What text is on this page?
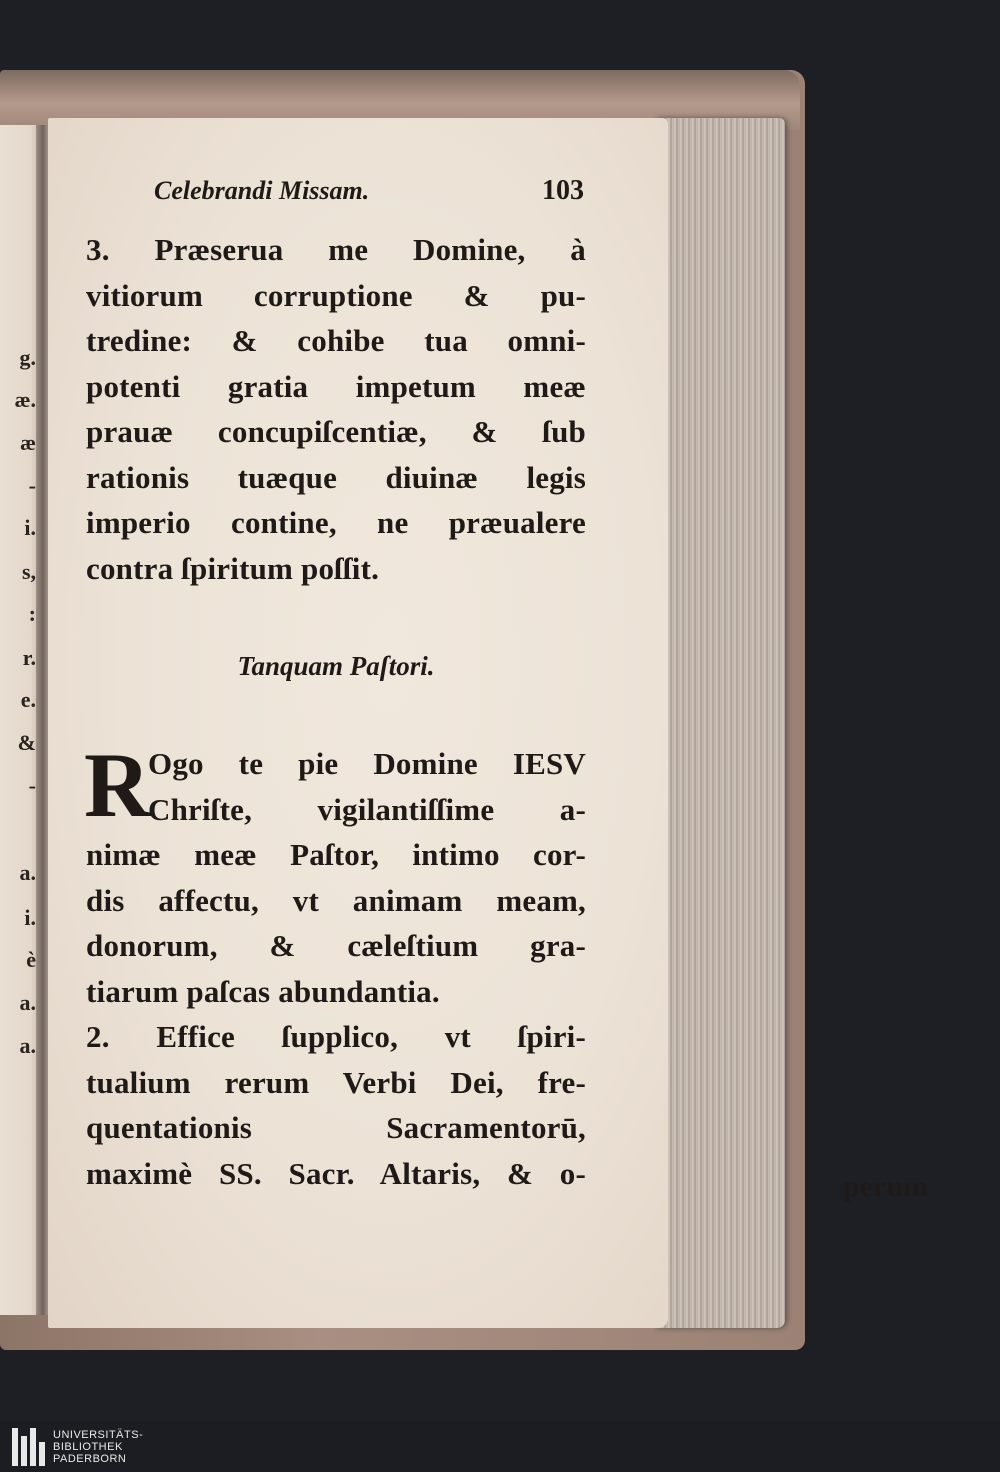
g.
æ.
æ
-
i.
s,
:
r.
e.
&
-
a.
i.
è
a.
a.
Celebrandi Missam.	103
3. Præserua me Domine, à
vitiorum corruptione & pu-
tredine: & cohibe tua omni-
potenti gratia impetum meæ
prauæ concupiſcentiæ, & ſub
rationis tuæque diuinæ legis
imperio contine, ne præualere
contra ſpiritum poſſit.
Tanquam Paſtori.
R
Ogo te pie Domine IESV
Chriſte, vigilantiſſime a-
nimæ meæ Paſtor, intimo cor-
dis affectu, vt animam meam,
donorum, & cæleſtium gra-
tiarum paſcas abundantia.
2. Effice ſupplico, vt ſpiri-
tualium rerum Verbi Dei, fre-
quentationis Sacramentorū,
maximè SS. Sacr. Altaris, & o-	perum
UNIVERSITÄTS-
BIBLIOTHEK
PADERBORN
